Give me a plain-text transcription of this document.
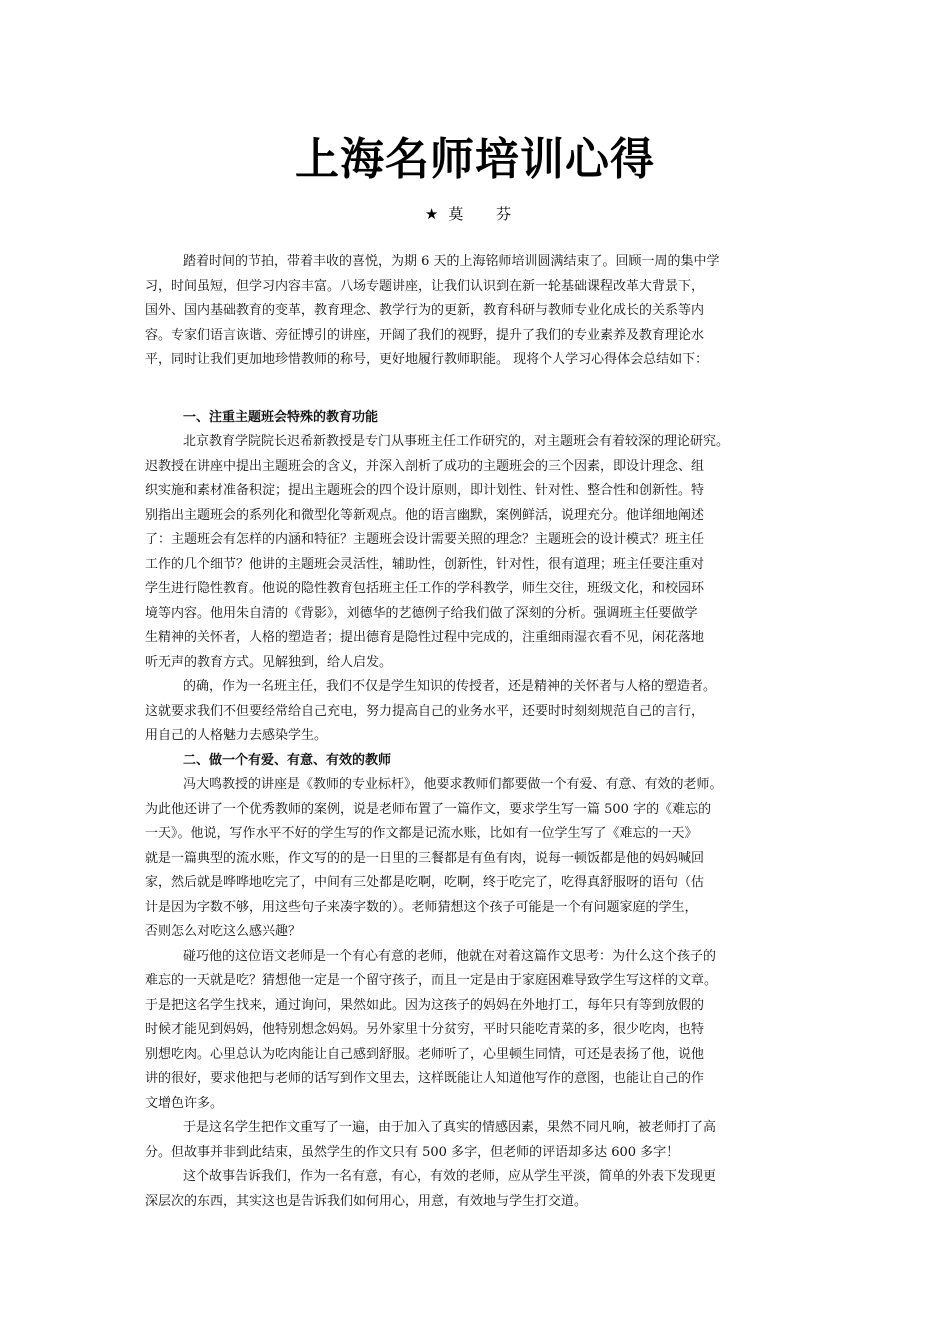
上海名师培训心得
★莫 芬
踏着时间的节拍，带着丰收的喜悦，为期 6 天的上海铭师培训圆满结束了。回顾一周的集中学
习，时间虽短，但学习内容丰富。八场专题讲座，让我们认识到在新一轮基础课程改革大背景下，
国外、国内基础教育的变革，教育理念、教学行为的更新，教育科研与教师专业化成长的关系等内
容。专家们语言诙谐、旁征博引的讲座，开阔了我们的视野，提升了我们的专业素养及教育理论水
平，同时让我们更加地珍惜教师的称号，更好地履行教师职能。 现将个人学习心得体会总结如下：
一、注重主题班会特殊的教育功能
北京教育学院院长迟希新教授是专门从事班主任工作研究的，对主题班会有着较深的理论研究。
迟教授在讲座中提出主题班会的含义，并深入剖析了成功的主题班会的三个因素，即设计理念、组
织实施和素材准备积淀；提出主题班会的四个设计原则，即计划性、针对性、整合性和创新性。特
别指出主题班会的系列化和微型化等新观点。他的语言幽默，案例鲜活，说理充分。他详细地阐述
了：主题班会有怎样的内涵和特征？主题班会设计需要关照的理念？主题班会的设计模式？班主任
工作的几个细节？他讲的主题班会灵活性，辅助性，创新性，针对性，很有道理；班主任要注重对
学生进行隐性教育。他说的隐性教育包括班主任工作的学科教学，师生交往，班级文化，和校园环
境等内容。他用朱自清的《背影》，刘德华的艺德例子给我们做了深刻的分析。强调班主任要做学
生精神的关怀者，人格的塑造者；提出德育是隐性过程中完成的，注重细雨湿衣看不见，闲花落地
听无声的教育方式。见解独到，给人启发。
的确，作为一名班主任，我们不仅是学生知识的传授者，还是精神的关怀者与人格的塑造者。
这就要求我们不但要经常给自己充电，努力提高自己的业务水平，还要时时刻刻规范自己的言行，
用自己的人格魅力去感染学生。
二、做一个有爱、有意、有效的教师
冯大鸣教授的讲座是《教师的专业标杆》，他要求教师们都要做一个有爱、有意、有效的老师。
为此他还讲了一个优秀教师的案例，说是老师布置了一篇作文，要求学生写一篇 500 字的《难忘的
一天》。他说，写作水平不好的学生写的作文都是记流水账，比如有一位学生写了《难忘的一天》
就是一篇典型的流水账，作文写的的是一日里的三餐都是有鱼有肉，说每一顿饭都是他的妈妈喊回
家，然后就是哗哗地吃完了，中间有三处都是吃啊，吃啊，终于吃完了，吃得真舒服呀的语句（估
计是因为字数不够，用这些句子来凑字数的）。老师猜想这个孩子可能是一个有问题家庭的学生，
否则怎么对吃这么感兴趣？
碰巧他的这位语文老师是一个有心有意的老师，他就在对着这篇作文思考：为什么这个孩子的
难忘的一天就是吃？猜想他一定是一个留守孩子，而且一定是由于家庭困难导致学生写这样的文章。
于是把这名学生找来，通过询问，果然如此。因为这孩子的妈妈在外地打工，每年只有等到放假的
时候才能见到妈妈，他特别想念妈妈。另外家里十分贫穷，平时只能吃青菜的多，很少吃肉，也特
别想吃肉。心里总认为吃肉能让自己感到舒服。老师听了，心里顿生同情，可还是表扬了他，说他
讲的很好，要求他把与老师的话写到作文里去，这样既能让人知道他写作的意图，也能让自己的作
文增色许多。
于是这名学生把作文重写了一遍，由于加入了真实的情感因素，果然不同凡响，被老师打了高
分。但故事并非到此结束，虽然学生的作文只有 500 多字，但老师的评语却多达 600 多字！
这个故事告诉我们，作为一名有意，有心，有效的老师，应从学生平淡，简单的外表下发现更
深层次的东西，其实这也是告诉我们如何用心，用意，有效地与学生打交道。
